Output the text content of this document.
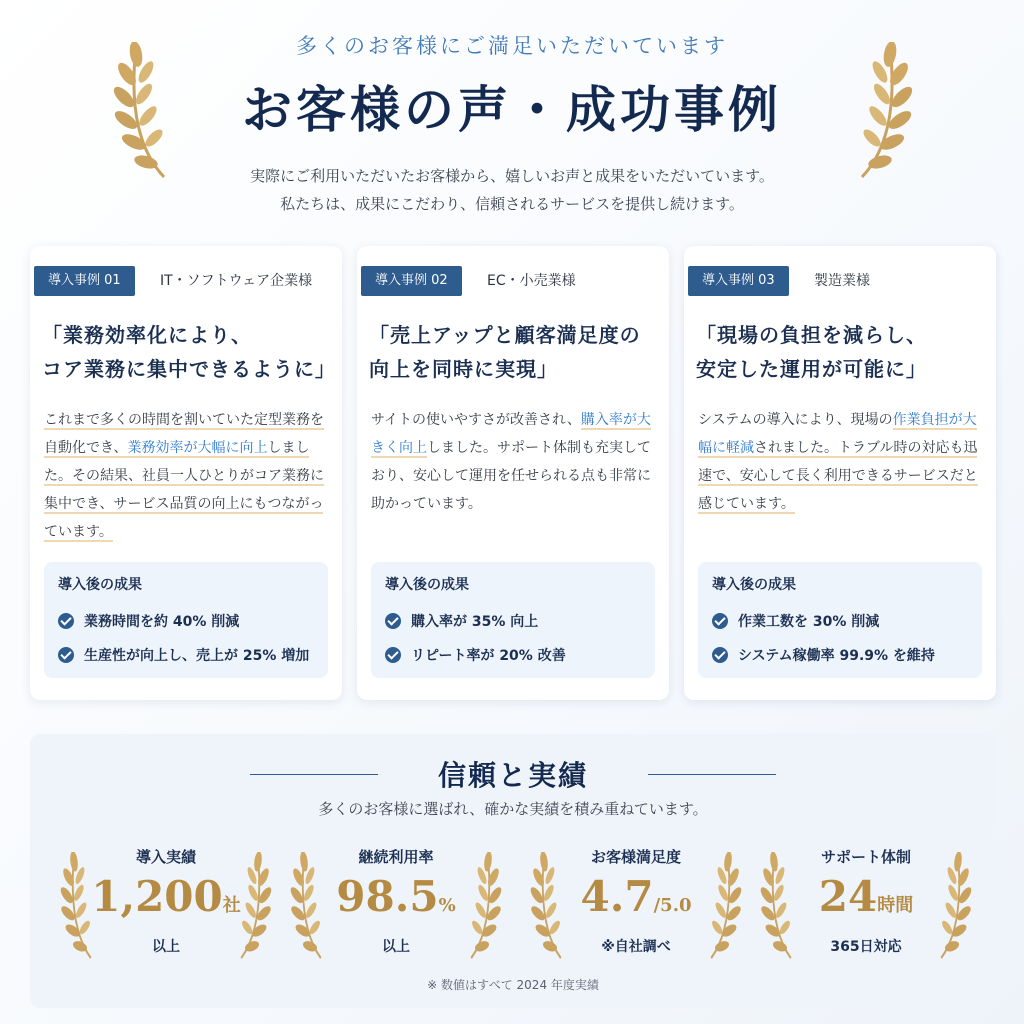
多くのお客様にご満足いただいています
お客様の声・成功事例
実際にご利用いただいたお客様から、嬉しいお声と成果をいただいています。
私たちは、成果にこだわり、信頼されるサービスを提供し続けます。
導入事例 01	IT・ソフトウェア企業様
「業務効率化により、
コア業務に集中できるように」

これまで多くの時間を割いていた定型業務を自動化でき、業務効率が大幅に向上しました。その結果、社員一人ひとりがコア業務に集中でき、サービス品質の向上にもつながっています。

導入後の成果
業務時間を約 40% 削減
生産性が向上し、売上が 25% 増加
導入事例 02	EC・小売業様
「売上アップと顧客満足度の
向上を同時に実現」

サイトの使いやすさが改善され、購入率が大きく向上しました。サポート体制も充実しており、安心して運用を任せられる点も非常に助かっています。

導入後の成果
購入率が 35% 向上
リピート率が 20% 改善
導入事例 03	製造業様
「現場の負担を減らし、
安定した運用が可能に」

システムの導入により、現場の作業負担が大幅に軽減されました。トラブル時の対応も迅速で、安心して長く利用できるサービスだと感じています。

導入後の成果
作業工数を 30% 削減
システム稼働率 99.9% を維持
信頼と実績
多くのお客様に選ばれ、確かな実績を積み重ねています。
導入実績
1,200社
以上
継続利用率
98.5%
以上
お客様満足度
4.7/5.0
※自社調べ
サポート体制
24時間
365日対応
※ 数値はすべて 2024 年度実績
